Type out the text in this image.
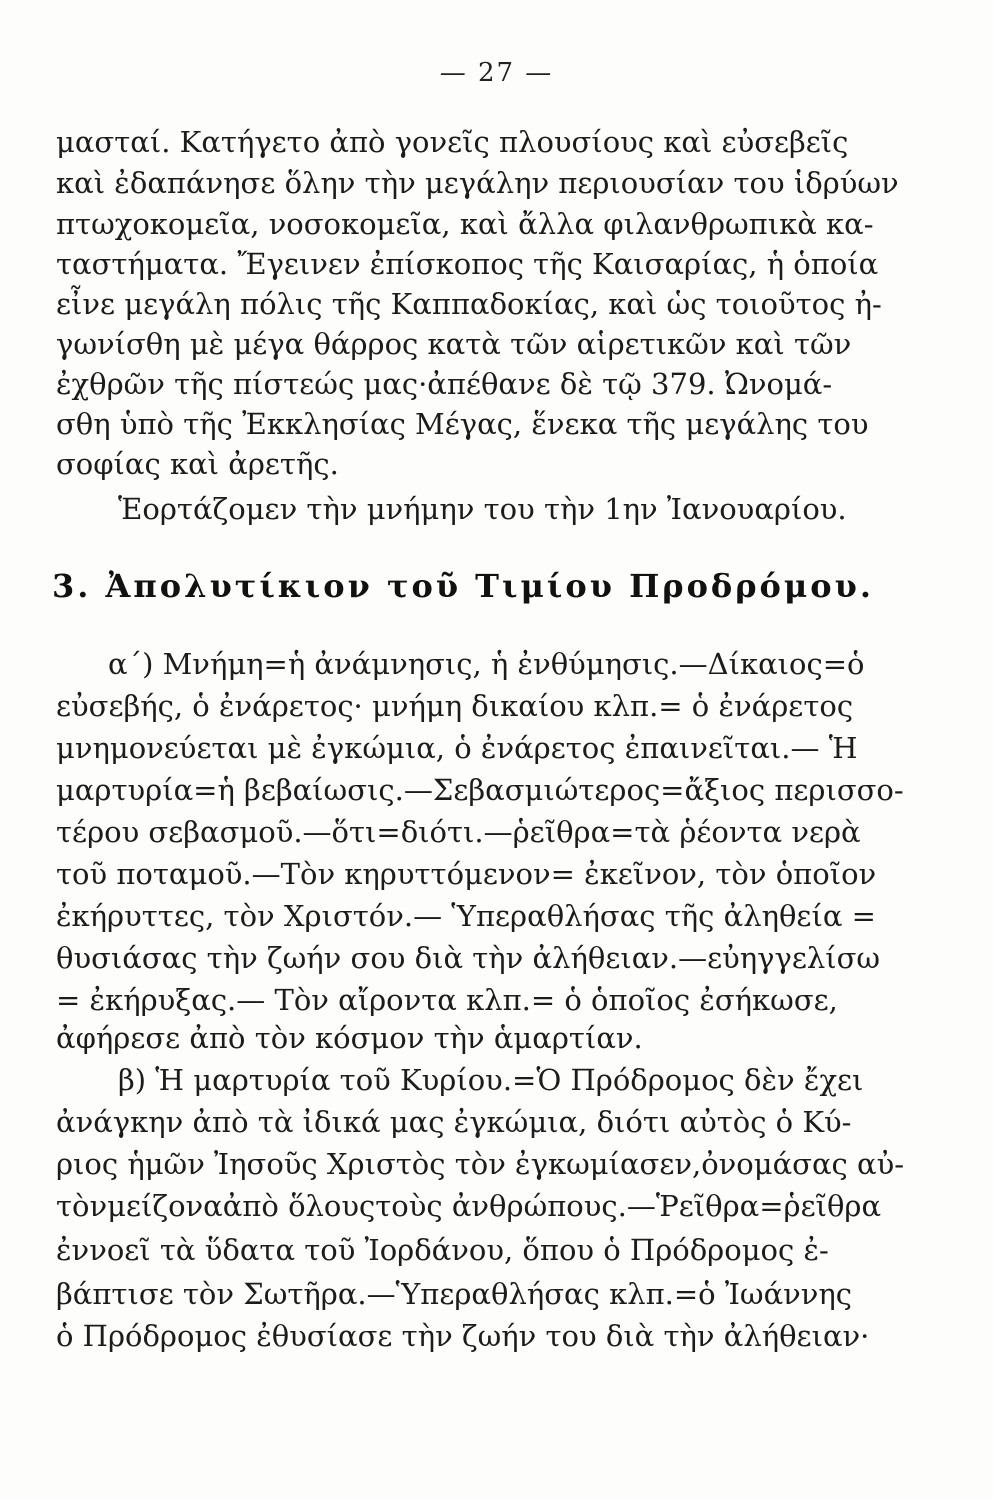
— 27 —
μασταί. Κατήγετο ἀπὸ γονεῖς πλουσίους καὶ εὐσεβεῖς
καὶ ἐδαπάνησε ὅλην τὴν μεγάλην περιουσίαν του ἱδρύων
πτωχοκομεῖα, νοσοκομεῖα, καὶ ἄλλα φιλανθρωπικὰ κα-
ταστήματα. Ἔγεινεν ἐπίσκοπος τῆς Καισαρίας, ἡ ὁποία
εἶνε μεγάλη πόλις τῆς Καππαδοκίας, καὶ ὡς τοιοῦτος ἠ-
γωνίσθη μὲ μέγα θάρρος κατὰ τῶν αἱρετικῶν καὶ τῶν
ἐχθρῶν τῆς πίστεώς μας·ἀπέθανε δὲ τῷ 379. Ὠνομά-
σθη ὑπὸ τῆς Ἐκκλησίας Μέγας, ἕνεκα τῆς μεγάλης του
σοφίας καὶ ἀρετῆς.
Ἑορτάζομεν τὴν μνήμην του τὴν 1ην Ἰανουαρίου.
3. Ἀπολυτίκιον τοῦ Τιμίου Προδρόμου.
α΄) Μνήμη=ἡ ἀνάμνησις, ἡ ἐνθύμησις.—Δίκαιος=ὁ
εὐσεβής, ὁ ἐνάρετος· μνήμη δικαίου κλπ.= ὁ ἐνάρετος
μνημονεύεται μὲ ἐγκώμια, ὁ ἐνάρετος ἐπαινεῖται.— Ἡ
μαρτυρία=ἡ βεβαίωσις.—Σεβασμιώτερος=ἄξιος περισσο-
τέρου σεβασμοῦ.—ὅτι=διότι.—ῥεῖθρα=τὰ ῥέοντα νερὰ
τοῦ ποταμοῦ.—Τὸν κηρυττόμενον= ἐκεῖνον, τὸν ὁποῖον
ἐκήρυττες, τὸν Χριστόν.— Ὑπεραθλήσας τῆς ἀληθεία =
θυσιάσας τὴν ζωήν σου διὰ τὴν ἀλήθειαν.—εὐηγγελίσω
= ἐκήρυξας.— Τὸν αἴροντα κλπ.= ὁ ὁποῖος ἐσήκωσε,
ἀφήρεσε ἀπὸ τὸν κόσμον τὴν ἁμαρτίαν.
β) Ἡ μαρτυρία τοῦ Κυρίου.=Ὁ Πρόδρομος δὲν ἔχει
ἀνάγκην ἀπὸ τὰ ἰδικά μας ἐγκώμια, διότι αὐτὸς ὁ Κύ-
ριος ἡμῶν Ἰησοῦς Χριστὸς τὸν ἐγκωμίασεν,ὀνομάσας αὐ-
τὸνμείζοναἀπὸ ὅλουςτοὺς ἀνθρώπους.—Ῥεῖθρα=ῥεῖθρα
ἐννοεῖ τὰ ὕδατα τοῦ Ἰορδάνου, ὅπου ὁ Πρόδρομος ἐ-
βάπτισε τὸν Σωτῆρα.—Ὑπεραθλήσας κλπ.=ὁ Ἰωάννης
ὁ Πρόδρομος ἐθυσίασε τὴν ζωήν του διὰ τὴν ἀλήθειαν·
